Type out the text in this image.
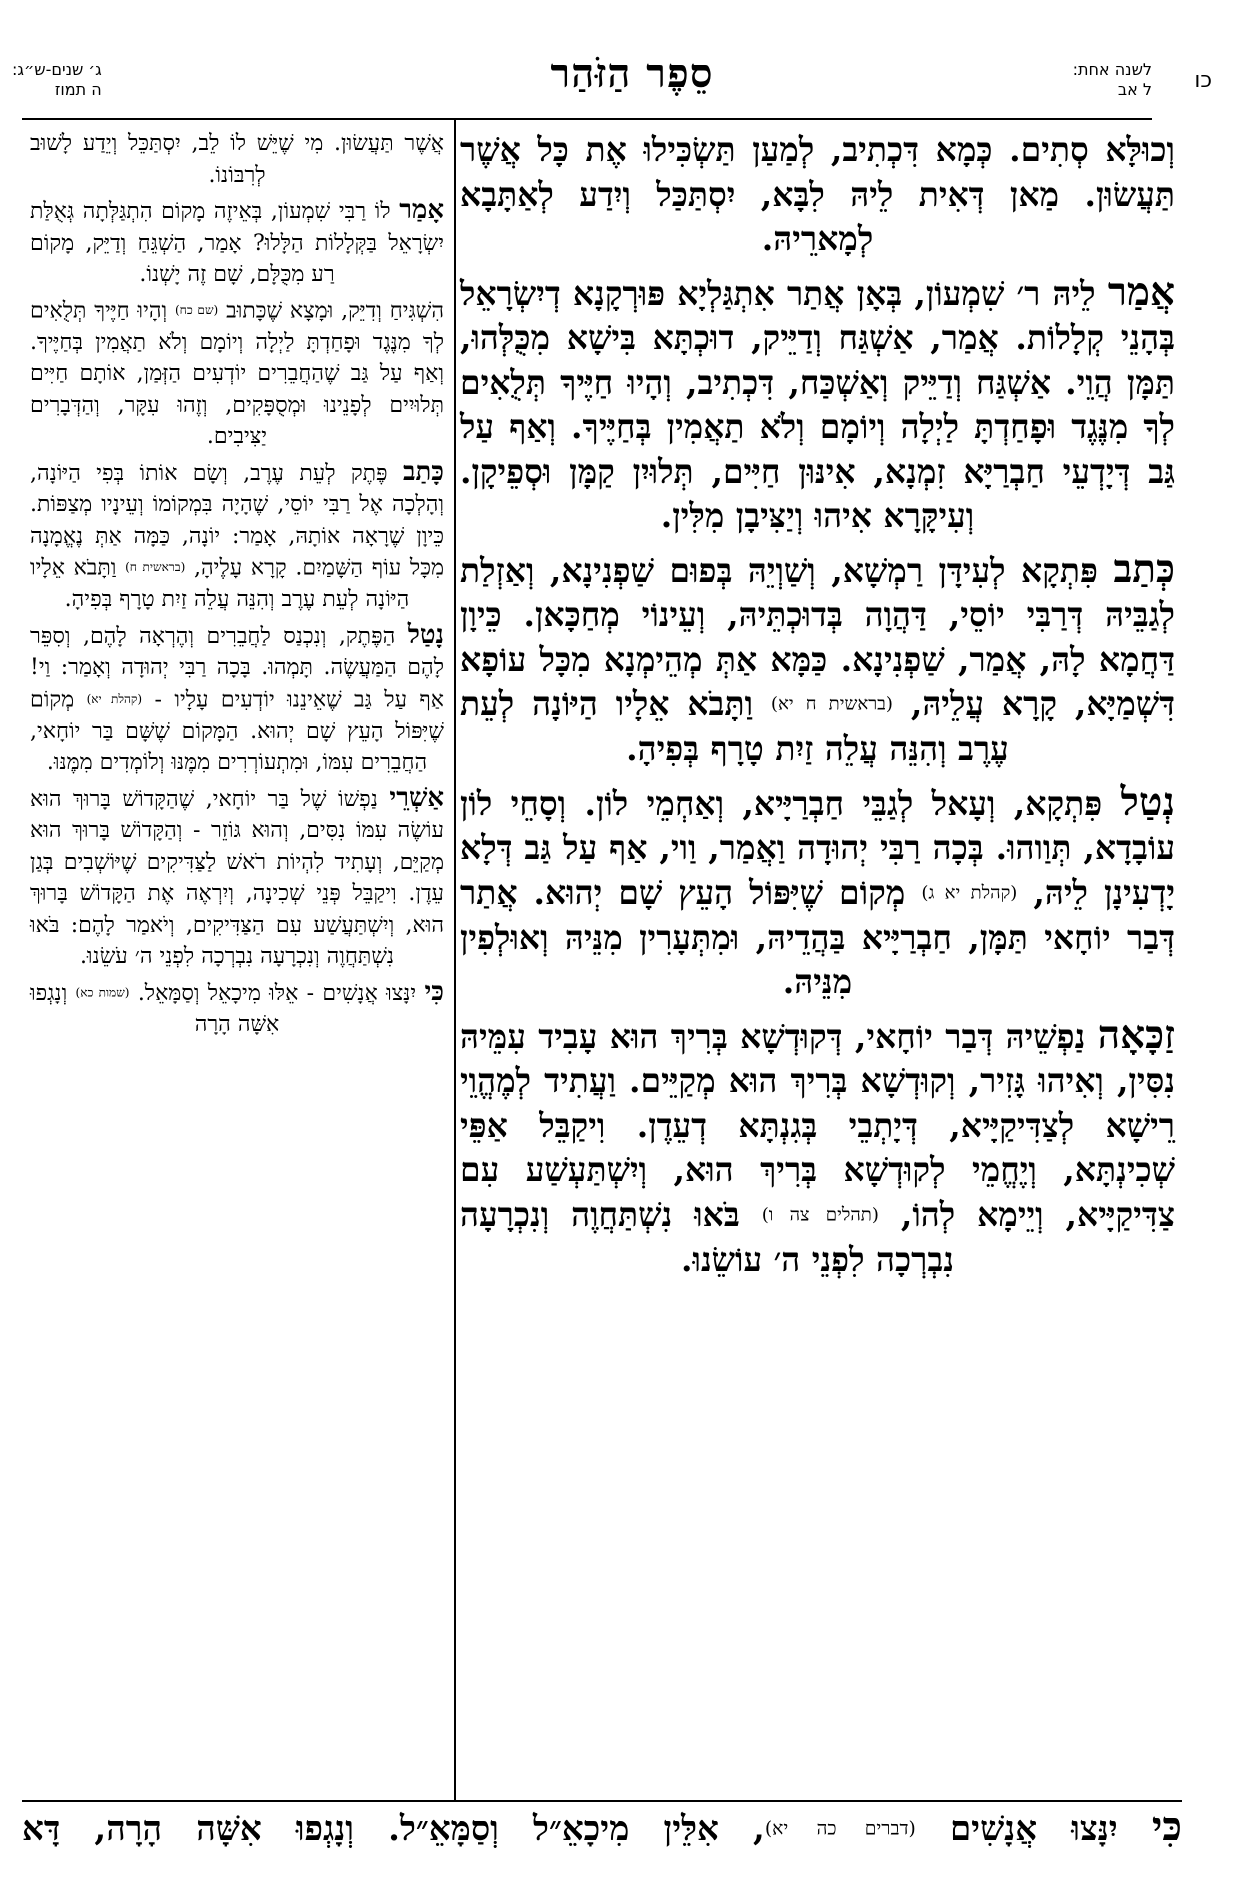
כו
לשנה אחת:
ל אב
סֵפֶר הַזֹּהַר
ג׳ שנים-ש״ג:
ה תמוז

וְכוּלָּא סְתִים. כְּמָא דִּכְתִיב, לְמַעַן תַּשְׂכִּילוּ אֶת כָּל אֲשֶׁר תַּעֲשׂוּן. מַאן דְּאִית לֵיהּ לִבָּא, יִסְתַּכַּל וְיִדַע לְאַתָּבָא לְמָארֵיהּ.

אֲמַר לֵיהּ ר׳ שִׁמְעוֹן, בְּאָן אֲתַר אִתְגַּלְיָא פּוּרְקָנָא דְיִשְׂרָאֵל בְּהָנֵי קְלָלוֹת. אֲמַר, אַשְׁגַּח וְדַיֵּיק, דוּכְתָּא בִּישָׁא מִכֻּלְּהוּ, תַּמָּן הֲוֵי. אַשְׁגַּח וְדַיֵּיק וְאַשְׁכַּח, דִּכְתִיב, וְהָיוּ חַיֶּיךָ תְּלֻאִים לְךָ מִנֶּגֶד וּפָחַדְתָּ לַיְלָה וְיוֹמָם וְלֹא תַאֲמִין בְּחַיֶּיךָ. וְאַף עַל גַּב דְּיָדְעֵי חַבְרַיָּא זִמְנָא, אִינּוּן חַיִּים, תְּלוּיִן קַמָּן וּסְפֵיקָן. וְעִיקָּרָא אִיהוּ וְיַצִּיבָן מִלִּין.

כְּתַב פִּתְקָא לְעִידָּן רַמְשָׁא, וְשַׁוְיֵהּ בְּפוּם שַׁפְנִינָא, וְאַזְלַת לְגַבֵּיהּ דְּרַבִּי יוֹסֵי, דַּהֲוָה בְּדוּכְתֵּיהּ, וְעֵינוֹי מְחַכָּאן. כֵּיוָן דַּחֲמָא לָהּ, אֲמַר, שַׁפְנִינָא. כַּמָּא אַתְּ מְהֵימְנָא מִכָּל עוֹפָא דִּשְׁמַיָּא, קָרָא עֲלֵיהּ, (בראשית ח יא) וַתָּבֹא אֵלָיו הַיּוֹנָה לְעֵת עֶרֶב וְהִנֵּה עֲלֵה זַיִת טָרָף בְּפִיהָ.

נְטַל פִּתְקָא, וְעָאל לְגַבֵּי חַבְרַיָּיא, וְאַחְמֵי לוֹן. וְסָחֵי לוֹן עוֹבָדָא, תְּוַוהוּ. בְּכָה רַבִּי יְהוּדָה וַאֲמַר, וַוי, אַף עַל גַּב דְּלָא יָדְעִינָן לֵיהּ, (קהלת יא ג) מְקוֹם שֶׁיִּפּוֹל הָעֵץ שָׁם יְהוּא. אֲתַר דְּבַר יוֹחָאי תַּמָּן, חַבְרַיָּיא בַּהֲדֵיהּ, וּמִתְּעָרִין מִנֵּיהּ וְאוּלְפִין מִנֵּיהּ.

זַכָּאָה נַפְשֵׁיהּ דְּבַר יוֹחָאי, דְּקוּדְשָׁא בְּרִיךְ הוּא עָבִיד עִמֵּיהּ נִסִּין, וְאִיהוּ גָּזִיר, וְקוּדְשָׁא בְּרִיךְ הוּא מְקַיֵּים. וַעֲתִיד לְמֶהֱוֵי רֵישָׁא לְצַדִּיקַיָּיא, דְּיָתְבֵי בְּגִנְתָּא דְעֵדֶן. וִיקַבֵּל אַפֵּי שְׁכִינְתָּא, וְיֶחֱמֵי לְקוּדְשָׁא בְּרִיךְ הוּא, וְיִשְׁתַּעְשַׁע עִם צַדִּיקַיָּיא, וְיֵימָא לְהוֹ, (תהלים צה ו) בֹּאוּ נִשְׁתַּחֲוֶה וְנִכְרָעָה נִבְרְכָה לִפְנֵי ה׳ עוֹשֵׂנוּ.

אֲשֶׁר תַּעֲשׂוּן. מִי שֶׁיֵּשׁ לוֹ לֵב, יִסְתַּכֵּל וְיֵדַע לָשׁוּב לְרִבּוֹנוֹ.

אָמַר לוֹ רַבִּי שִׁמְעוֹן, בְּאֵיזֶה מָקוֹם הִתְגַּלְּתָה גְּאֻלַּת יִשְׂרָאֵל בַּקְּלָלוֹת הַלָּלוּ? אָמַר, הַשְׁגֵּחַ וְדַיֵּק, מָקוֹם רַע מִכֻּלָּם, שָׁם זֶה יָשְׁנוֹ.

הִשְׁגִּיחַ וְדִיֵּק, וּמָצָא שֶׁכָּתוּב (שם כח) וְהָיוּ חַיֶּיךָ תְּלֻאִים לְךָ מִנֶּגֶד וּפָחַדְתָּ לַיְלָה וְיוֹמָם וְלֹא תַאֲמִין בְּחַיֶּיךָ. וְאַף עַל גַּב שֶׁהַחֲבֵרִים יוֹדְעִים הַזְּמַן, אוֹתָם חַיִּים תְּלוּיִים לְפָנֵינוּ וּמְסֻפָּקִים, וְזֶהוּ עִקָּר, וְהַדְּבָרִים יַצִּיבִים.

כָּתַב פֶּתֶק לְעֵת עֶרֶב, וְשָׂם אוֹתוֹ בְּפִי הַיּוֹנָה, וְהָלְכָה אֶל רַבִּי יוֹסֵי, שֶׁהָיָה בִּמְקוֹמוֹ וְעֵינָיו מְצַפּוֹת. כֵּיוָן שֶׁרָאָה אוֹתָהּ, אָמַר: יוֹנָה, כַּמָּה אַתְּ נֶאֱמָנָה מִכָּל עוֹף הַשָּׁמַיִם. קָרָא עָלֶיהָ, (בראשית ח) וַתָּבֹא אֵלָיו הַיּוֹנָה לְעֵת עֶרֶב וְהִנֵּה עֲלֵה זַיִת טָרָף בְּפִיהָ.

נָטַל הַפֶּתֶק, וְנִכְנַס לַחֲבֵרִים וְהֶרְאָה לָהֶם, וְסִפֵּר לָהֶם הַמַּעֲשֶׂה. תָּמְהוּ. בָּכָה רַבִּי יְהוּדָה וְאָמַר: וַי! אַף עַל גַּב שֶׁאֵינֵנוּ יוֹדְעִים עָלָיו - (קהלת יא) מְקוֹם שֶׁיִּפּוֹל הָעֵץ שָׁם יְהוּא. הַמָּקוֹם שֶׁשָּׁם בַּר יוֹחָאי, הַחֲבֵרִים עִמּוֹ, וּמִתְעוֹרְרִים מִמֶּנּוּ וְלוֹמְדִים מִמֶּנּוּ.

אַשְׁרֵי נַפְשׁוֹ שֶׁל בַּר יוֹחָאי, שֶׁהַקָּדוֹשׁ בָּרוּךְ הוּא עוֹשֶׂה עִמּוֹ נִסִּים, וְהוּא גּוֹזֵר - וְהַקָּדוֹשׁ בָּרוּךְ הוּא מְקַיֵּם, וְעָתִיד לִהְיוֹת רֹאשׁ לַצַּדִּיקִים שֶׁיּוֹשְׁבִים בְּגַן עֵדֶן. וִיקַבֵּל פְּנֵי שְׁכִינָה, וְיִרְאֶה אֶת הַקָּדוֹשׁ בָּרוּךְ הוּא, וְיִשְׁתַּעֲשַׁע עִם הַצַּדִּיקִים, וְיֹאמַר לָהֶם: בֹּאוּ נִשְׁתַּחֲוֶה וְנִכְרָעָה נִבְרְכָה לִפְנֵי ה׳ עֹשֵׂנוּ.

כִּי יִנָּצוּ אֲנָשִׁים - אֵלּוּ מִיכָאֵל וְסַמָּאֵל. (שמות כא) וְנָגְפוּ אִשָּׁה הָרָה

כִּי יִנָּצוּ אֲנָשִׁים (דברים כה יא), אִלֵּין מִיכָאֵ״ל וְסַמָּאֵ״ל. וְנָגְפוּ אִשָּׁה הָרָה, דָּא
